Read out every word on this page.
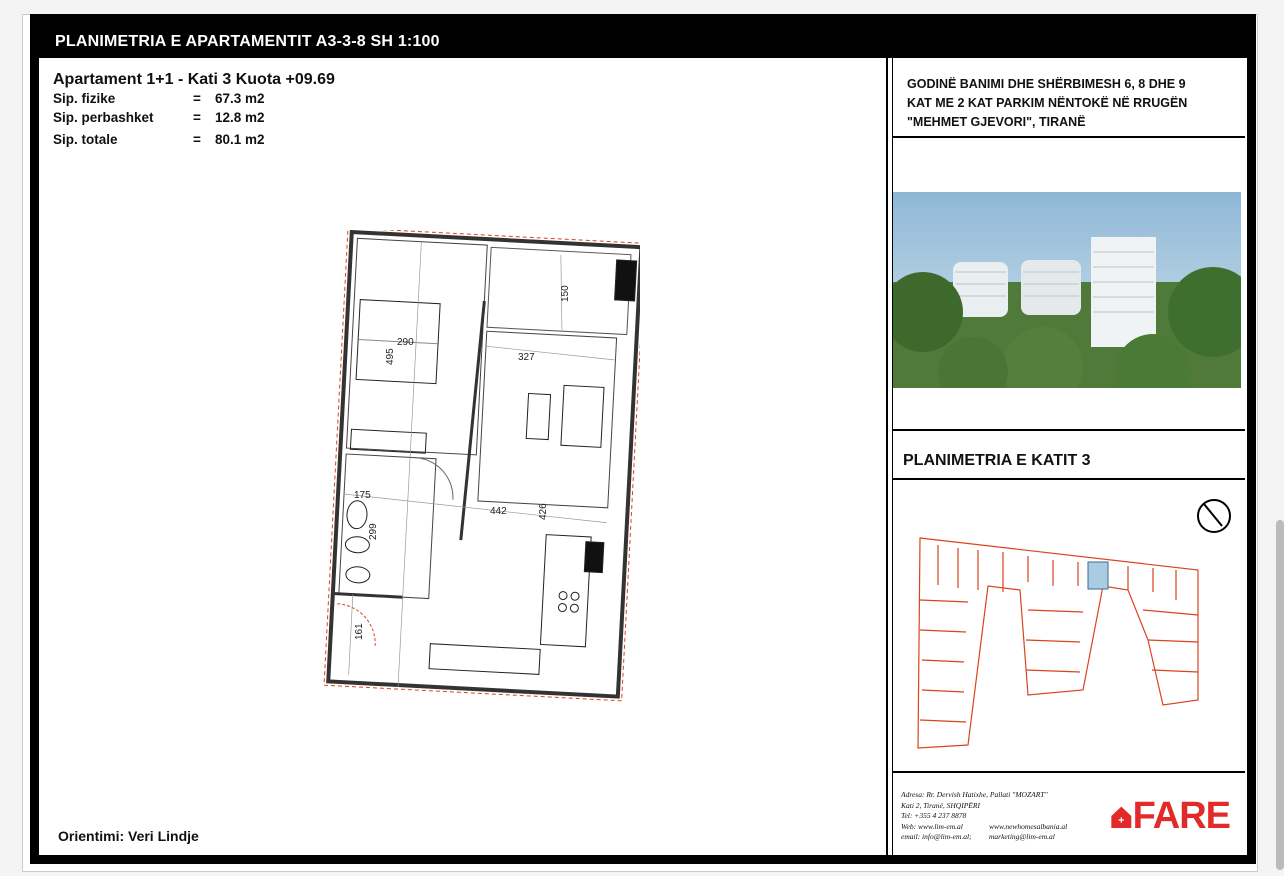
PLANIMETRIA E APARTAMENTIT A3-3-8 SH 1:100
Apartament 1+1 - Kati 3 Kuota +09.69
Sip. fizike	=	67.3 m2
Sip. perbashket	=	12.8 m2
Sip. totale	=	80.1 m2
290
495	327
150
175
442
299
161
426
Orientimi: Veri Lindje
GODINË BANIMI DHE SHËRBIMESH 6, 8 DHE 9
KAT ME 2 KAT PARKIM NËNTOKË NË RRUGËN
"MEHMET GJEVORI", TIRANË
PLANIMETRIA E KATIT 3
Adresa: Rr. Dervish Hatixhe, Pallati "MOZART"
Kati 2, Tiranë, SHQIPËRI
Tel: +355 4 237 8878
Web: www.lim-em.al	www.newhomesalbania.al
email: info@lim-em.al; marketing@lim-em.al	FARE
